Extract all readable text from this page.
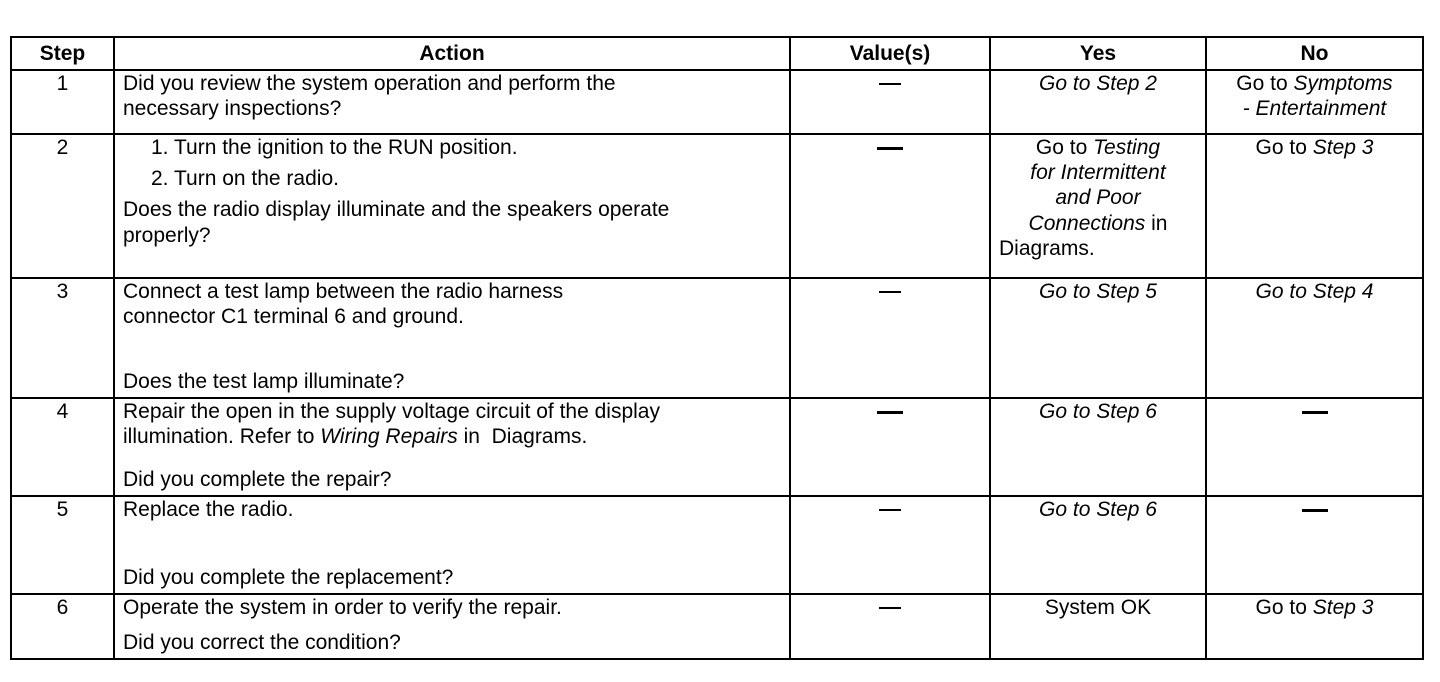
Step	Action	Value(s)	Yes	No
1	Did you review the system operation and perform the
necessary inspections?		Go to Step 2	Go to Symptoms
- Entertainment

2	1. Turn the ignition to the RUN position.
2. Turn on the radio.
Does the radio display illuminate and the speakers operate
properly?		Go to Testing
for Intermittent
and Poor
Connections in
Diagrams.	Go to Step 3
3	Connect a test lamp between the radio harness
connector C1 terminal 6 and ground.
Does the test lamp illuminate?		Go to Step 5	Go to Step 4
4	Repair the open in the supply voltage circuit of the display
illumination. Refer to Wiring Repairs in  Diagrams.
Did you complete the repair?		Go to Step 6	
5	Replace the radio.
Did you complete the replacement?		Go to Step 6	
6	Operate the system in order to verify the repair.
Did you correct the condition?		System OK	Go to Step 3
